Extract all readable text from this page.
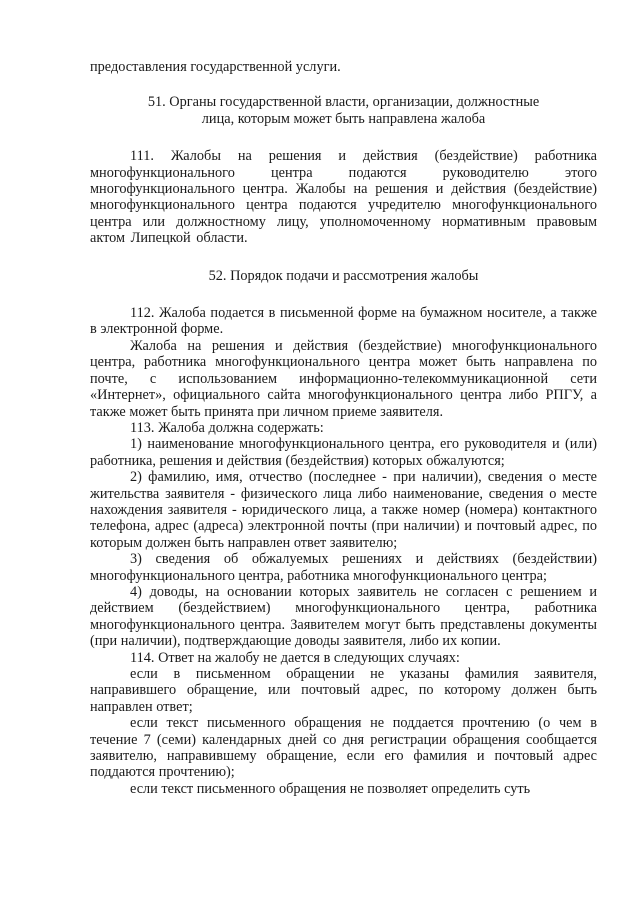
предоставления государственной услуги.

51. Органы государственной власти, организации, должностные
лица, которым может быть направлена жалоба

111. Жалобы на решения и действия (бездействие) работника многофункционального центра подаются руководителю этого многофункционального центра. Жалобы на решения и действия (бездействие) многофункционального центра подаются учредителю многофункционального центра или должностному лицу, уполномоченному нормативным правовым актом Липецкой области.

52. Порядок подачи и рассмотрения жалобы

112. Жалоба подается в письменной форме на бумажном носителе, а также в электронной форме.

Жалоба на решения и действия (бездействие) многофункционального центра, работника многофункционального центра может быть направлена по почте, с использованием информационно-телекоммуникационной сети «Интернет», официального сайта многофункционального центра либо РПГУ, а также может быть принята при личном приеме заявителя.

113. Жалоба должна содержать:

1) наименование многофункционального центра, его руководителя и (или) работника, решения и действия (бездействия) которых обжалуются;

2) фамилию, имя, отчество (последнее - при наличии), сведения о месте жительства заявителя - физического лица либо наименование, сведения о месте нахождения заявителя - юридического лица, а также номер (номера) контактного телефона, адрес (адреса) электронной почты (при наличии) и почтовый адрес, по которым должен быть направлен ответ заявителю;

3) сведения об обжалуемых решениях и действиях (бездействии) многофункционального центра, работника многофункционального центра;

4) доводы, на основании которых заявитель не согласен с решением и действием (бездействием) многофункционального центра, работника многофункционального центра. Заявителем могут быть представлены документы (при наличии), подтверждающие доводы заявителя, либо их копии.

114. Ответ на жалобу не дается в следующих случаях:

если в письменном обращении не указаны фамилия заявителя, направившего обращение, или почтовый адрес, по которому должен быть направлен ответ;

если текст письменного обращения не поддается прочтению (о чем в течение 7 (семи) календарных дней со дня регистрации обращения сообщается заявителю, направившему обращение, если его фамилия и почтовый адрес поддаются прочтению);

если текст письменного обращения не позволяет определить суть
